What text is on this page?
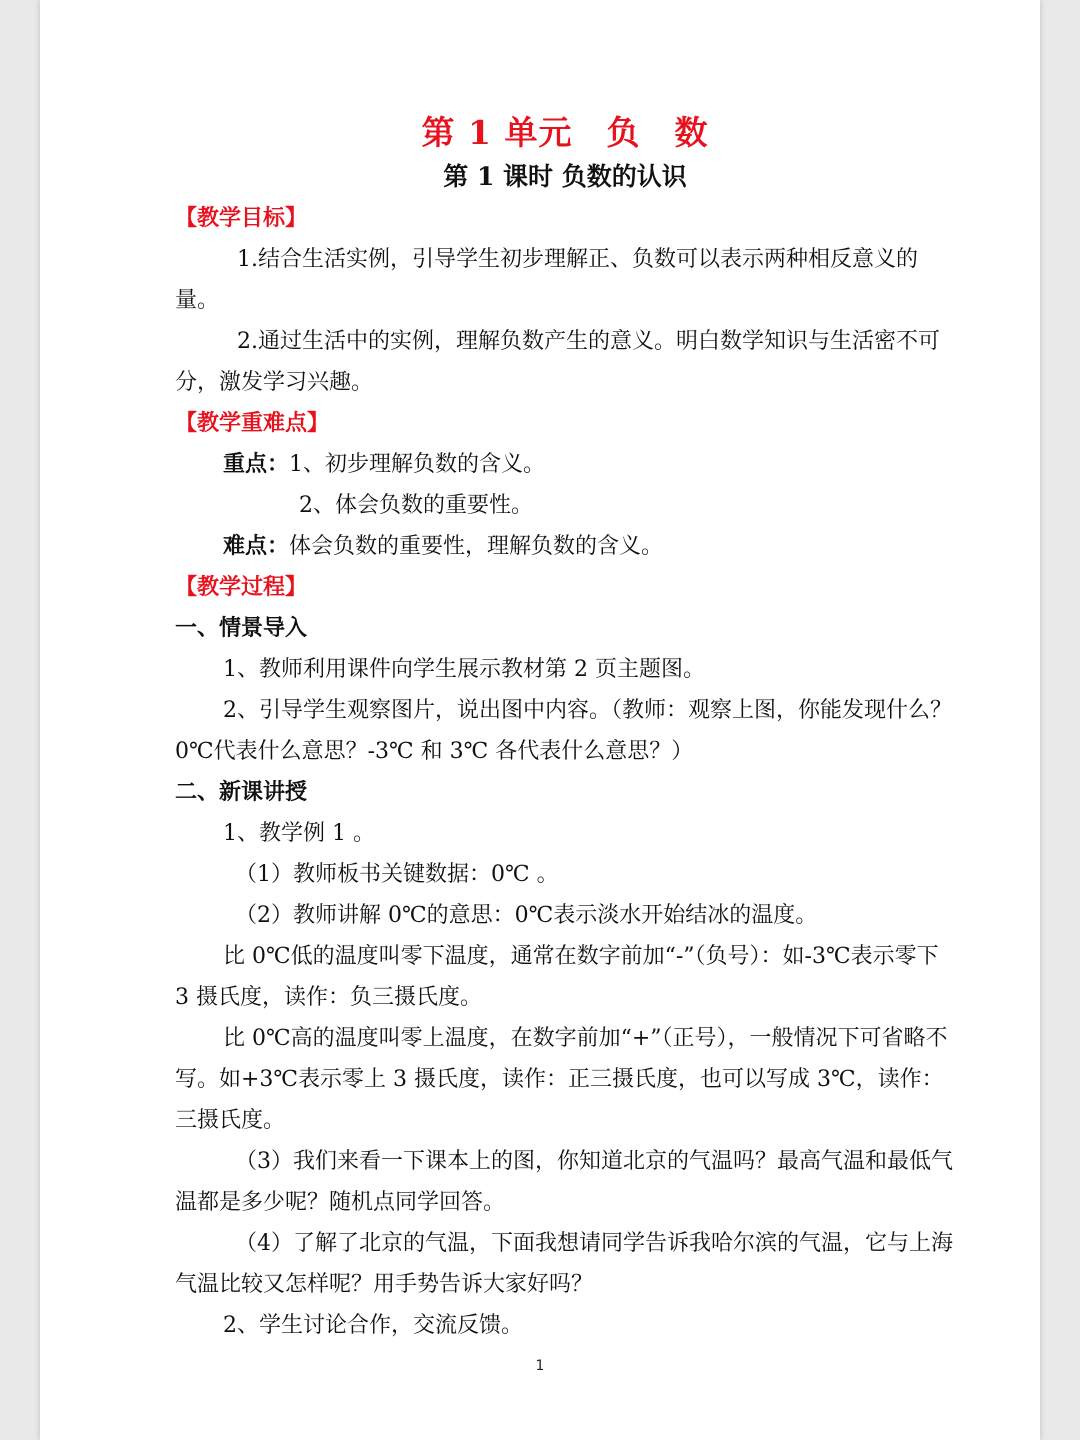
第 1 单元　负　数

第 1 课时 负数的认识

【教学目标】

1.结合生活实例，引导学生初步理解正、负数可以表示两种相反意义的量。

2.通过生活中的实例，理解负数产生的意义。明白数学知识与生活密不可分，激发学习兴趣。

【教学重难点】

重点：1、初步理解负数的含义。

2、体会负数的重要性。

难点：体会负数的重要性，理解负数的含义。

【教学过程】

一、情景导入

1、教师利用课件向学生展示教材第 2 页主题图。

2、引导学生观察图片，说出图中内容。（教师：观察上图，你能发现什么？0℃代表什么意思？-3℃ 和 3℃ 各代表什么意思？）

二、新课讲授

1、教学例 1 。

（1）教师板书关键数据：0℃ 。

（2）教师讲解 0℃的意思：0℃表示淡水开始结冰的温度。

比 0℃低的温度叫零下温度，通常在数字前加“-”（负号）：如-3℃表示零下 3 摄氏度，读作：负三摄氏度。

比 0℃高的温度叫零上温度，在数字前加“+”（正号），一般情况下可省略不写。如+3℃表示零上 3 摄氏度，读作：正三摄氏度，也可以写成 3℃，读作：三摄氏度。

（3）我们来看一下课本上的图，你知道北京的气温吗？最高气温和最低气温都是多少呢？随机点同学回答。

（4）了解了北京的气温，下面我想请同学告诉我哈尔滨的气温，它与上海气温比较又怎样呢？用手势告诉大家好吗？

2、学生讨论合作，交流反馈。

1
